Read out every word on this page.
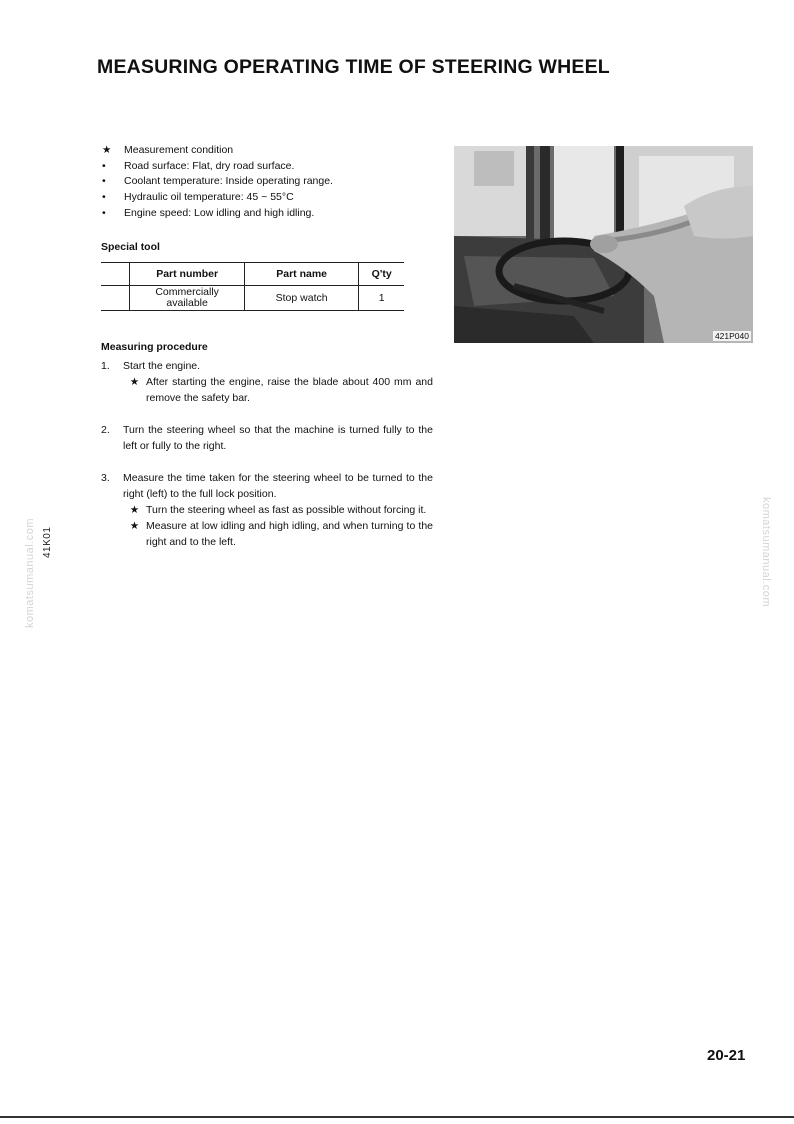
MEASURING OPERATING TIME OF STEERING WHEEL
★	Measurement condition
•	Road surface: Flat, dry road surface.
•	Coolant temperature: Inside operating range.
•	Hydraulic oil temperature: 45 ~ 55°C
•	Engine speed: Low idling and high idling.
Special tool
	Part number	Part name	Q'ty
	Commercially available	Stop watch	1
Measuring procedure
1.	Start the engine.
★ After starting the engine, raise the blade about 400 mm and remove the safety bar.
2.	Turn the steering wheel so that the machine is turned fully to the left or fully to the right.
3.	Measure the time taken for the steering wheel to be turned to the right (left) to the full lock position.
★ Turn the steering wheel as fast as possible without forcing it.
★ Measure at low idling and high idling, and when turning to the right and to the left.
421P040

41K01

komatsumanual.com	komatsumanual.com

20-21
